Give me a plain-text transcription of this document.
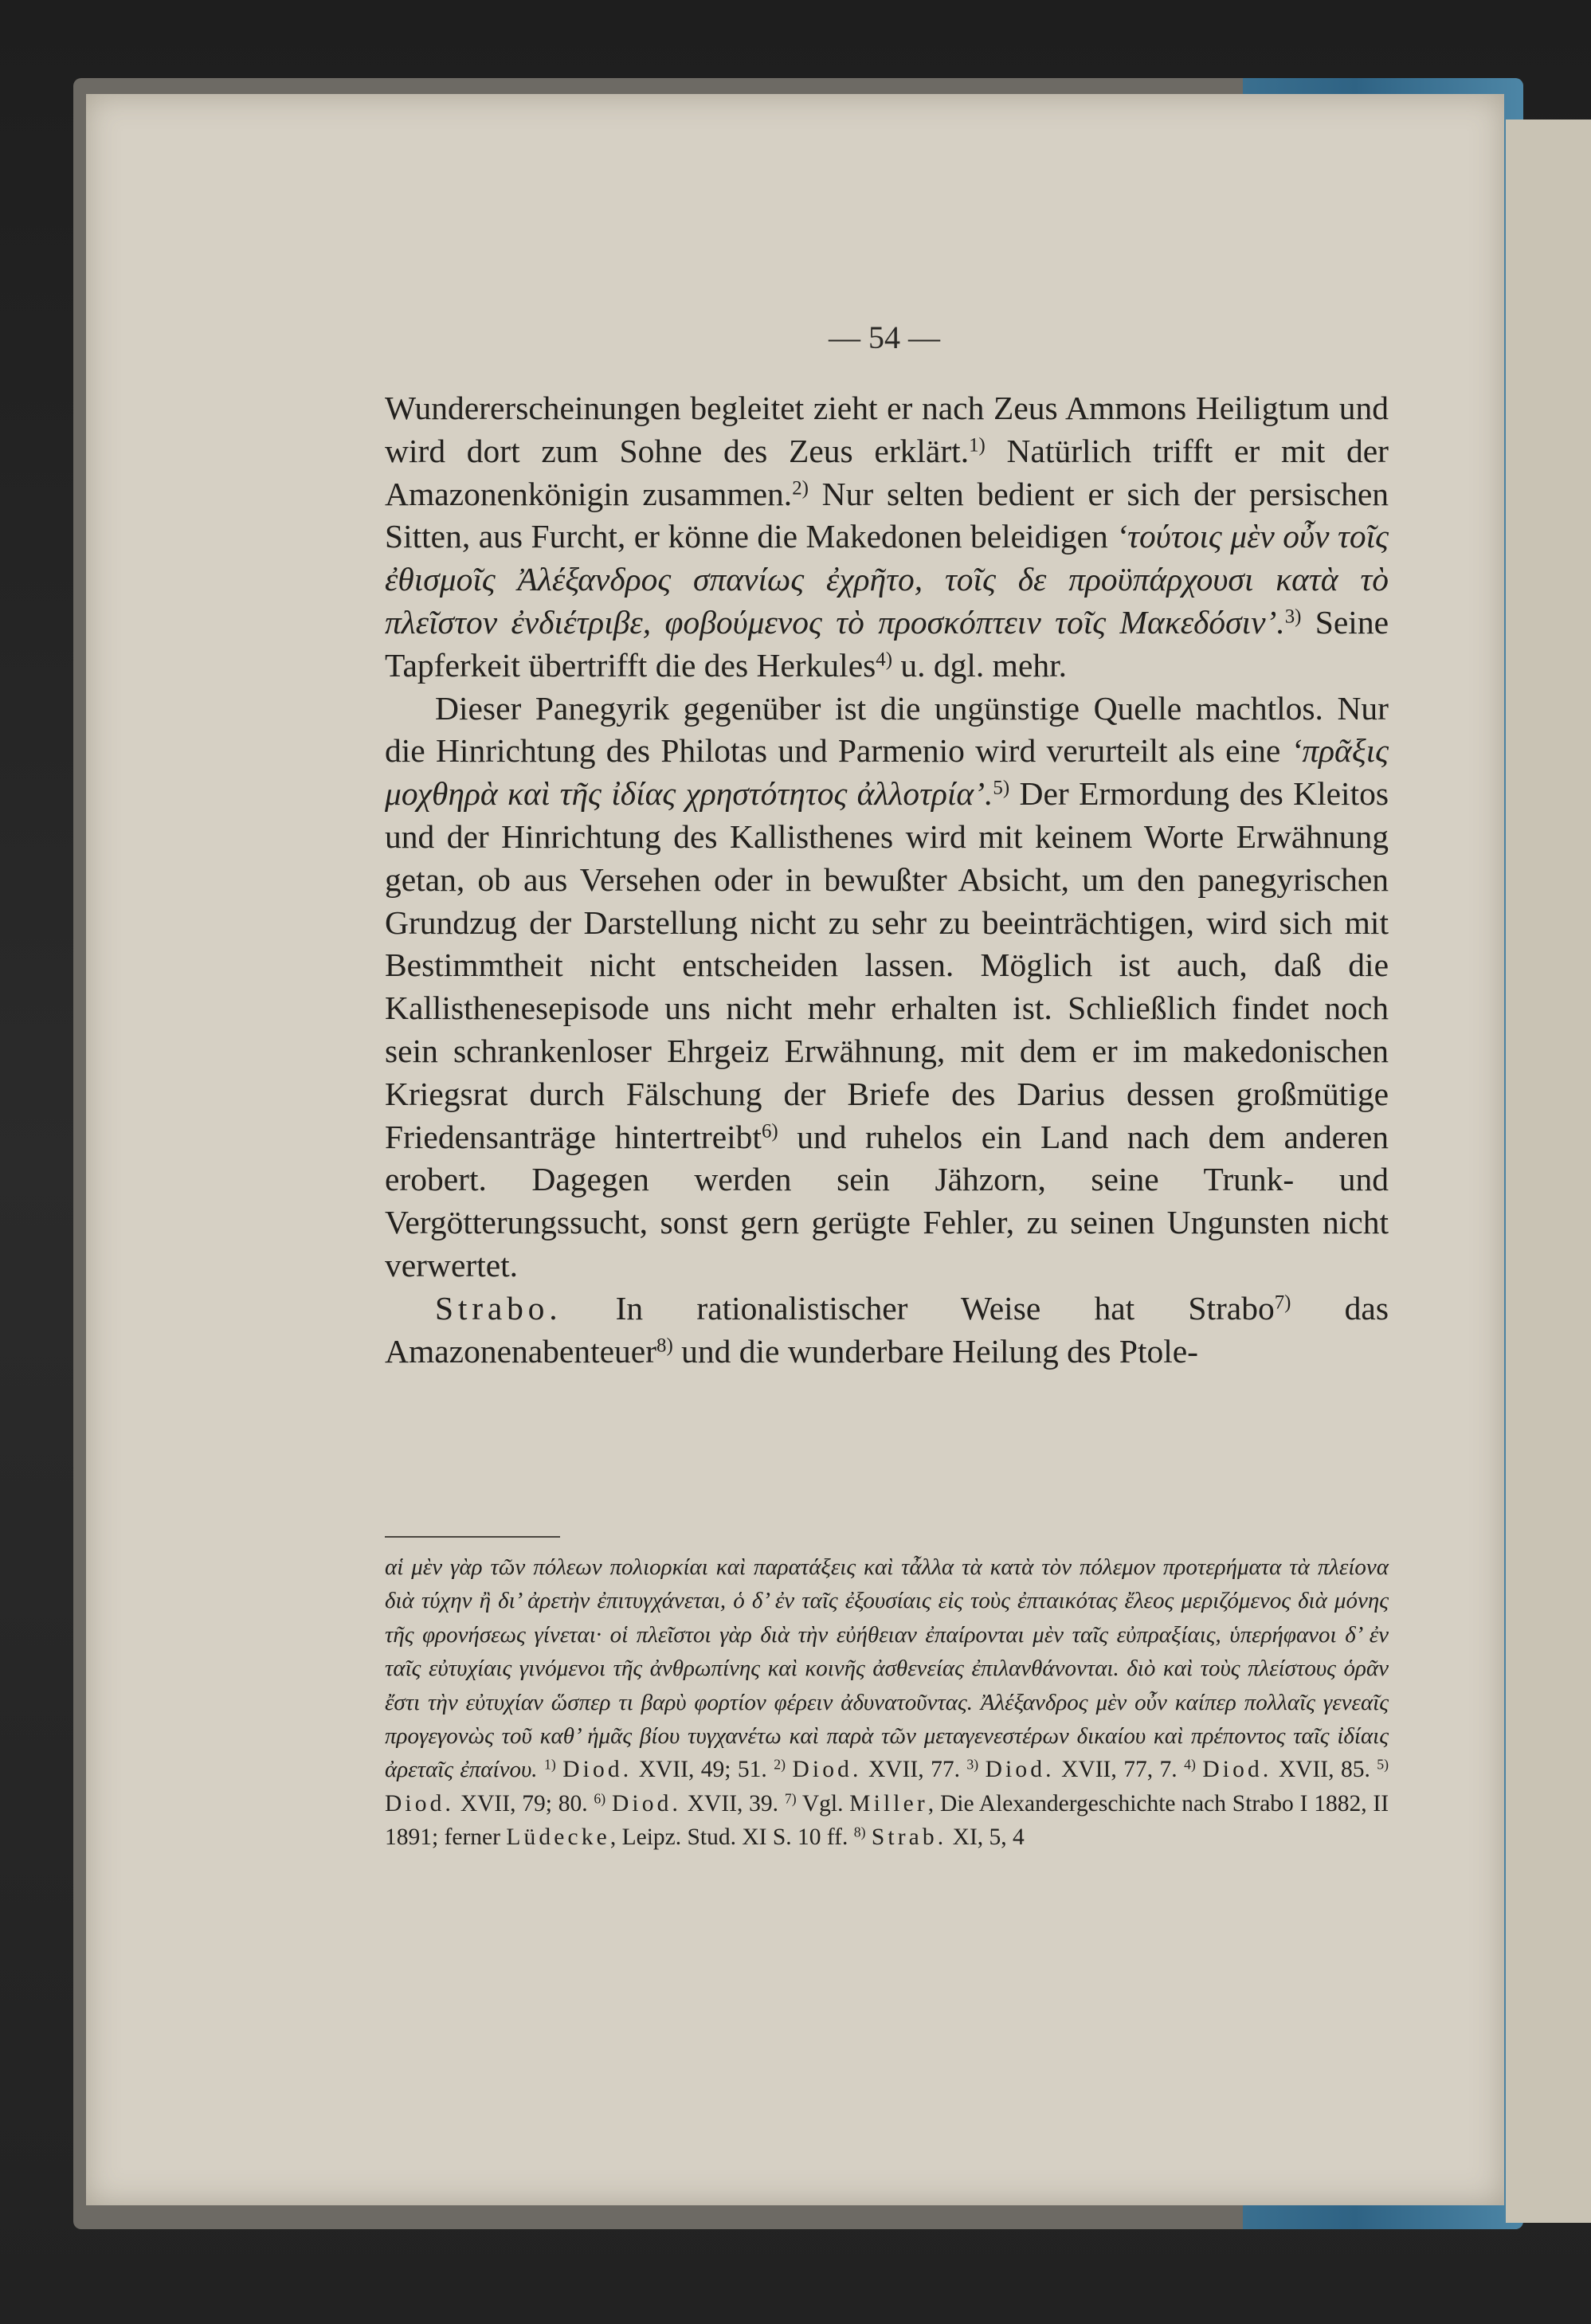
— 54 —

Wundererscheinungen begleitet zieht er nach Zeus Ammons Heiligtum und wird dort zum Sohne des Zeus erklärt.$^{1)}$ Natürlich trifft er mit der Amazonenkönigin zusammen.$^{2)}$ Nur selten bedient er sich der persischen Sitten, aus Furcht, er könne die Makedonen beleidigen ‘τούτοις μὲν οὖν τοῖς ἐθισμοῖς Ἀλέξανδρος σπανίως ἐχρῆτο, τοῖς δε προϋπάρχουσι κατὰ τὸ πλεῖστον ἐνδιέτριβε, φοβούμενος τὸ προσκόπτειν τοῖς Μακεδόσιν’.$^{3)}$ Seine Tapferkeit übertrifft die des Herkules$^{4)}$ u. dgl. mehr.

Dieser Panegyrik gegenüber ist die ungünstige Quelle machtlos. Nur die Hinrichtung des Philotas und Parmenio wird verurteilt als eine ‘πρᾶξις μοχθηρὰ καὶ τῆς ἰδίας χρηστότητος ἀλλοτρία’.$^{5)}$ Der Ermordung des Kleitos und der Hinrichtung des Kallisthenes wird mit keinem Worte Erwähnung getan, ob aus Versehen oder in bewußter Absicht, um den panegyrischen Grundzug der Darstellung nicht zu sehr zu beeinträchtigen, wird sich mit Bestimmtheit nicht entscheiden lassen. Möglich ist auch, daß die Kallisthenesepisode uns nicht mehr erhalten ist. Schließlich findet noch sein schrankenloser Ehrgeiz Erwähnung, mit dem er im makedonischen Kriegsrat durch Fälschung der Briefe des Darius dessen großmütige Friedensanträge hintertreibt$^{6)}$ und ruhelos ein Land nach dem anderen erobert. Dagegen werden sein Jähzorn, seine Trunk- und Vergötterungssucht, sonst gern gerügte Fehler, zu seinen Ungunsten nicht verwertet.

Strabo. In rationalistischer Weise hat Strabo$^{7)}$ das Amazonenabenteuer$^{8)}$ und die wunderbare Heilung des Ptole-

αἱ μὲν γὰρ τῶν πόλεων πολιορκίαι καὶ παρατάξεις καὶ τἆλλα τὰ κατὰ τὸν πόλεμον προτερήματα τὰ πλείονα διὰ τύχην ἢ δι’ ἀρετὴν ἐπιτυγχάνεται, ὁ δ’ ἐν ταῖς ἐξουσίαις εἰς τοὺς ἐπταικότας ἔλεος μεριζόμενος διὰ μόνης τῆς φρονήσεως γίνεται· οἱ πλεῖστοι γὰρ διὰ τὴν εὐήθειαν ἐπαίρονται μὲν ταῖς εὐπραξίαις, ὑπερήφανοι δ’ ἐν ταῖς εὐτυχίαις γινόμενοι τῆς ἀνθρωπίνης καὶ κοινῆς ἀσθενείας ἐπιλανθάνονται. διὸ καὶ τοὺς πλείστους ὁρᾶν ἔστι τὴν εὐτυχίαν ὥσπερ τι βαρὺ φορτίον φέρειν ἀδυνατοῦντας. Ἀλέξανδρος μὲν οὖν καίπερ πολλαῖς γενεαῖς προγεγονὼς τοῦ καθ’ ἡμᾶς βίου τυγχανέτω καὶ παρὰ τῶν μεταγενεστέρων δικαίου καὶ πρέποντος ταῖς ἰδίαις ἀρεταῖς ἐπαίνου. $^{1)}$ Diod. XVII, 49; 51. $^{2)}$ Diod. XVII, 77. $^{3)}$ Diod. XVII, 77, 7. $^{4)}$ Diod. XVII, 85. $^{5)}$ Diod. XVII, 79; 80. $^{6)}$ Diod. XVII, 39. $^{7)}$ Vgl. Miller, Die Alexandergeschichte nach Strabo I 1882, II 1891; ferner Lüdecke, Leipz. Stud. XI S. 10 ff. $^{8)}$ Strab. XI, 5, 4
